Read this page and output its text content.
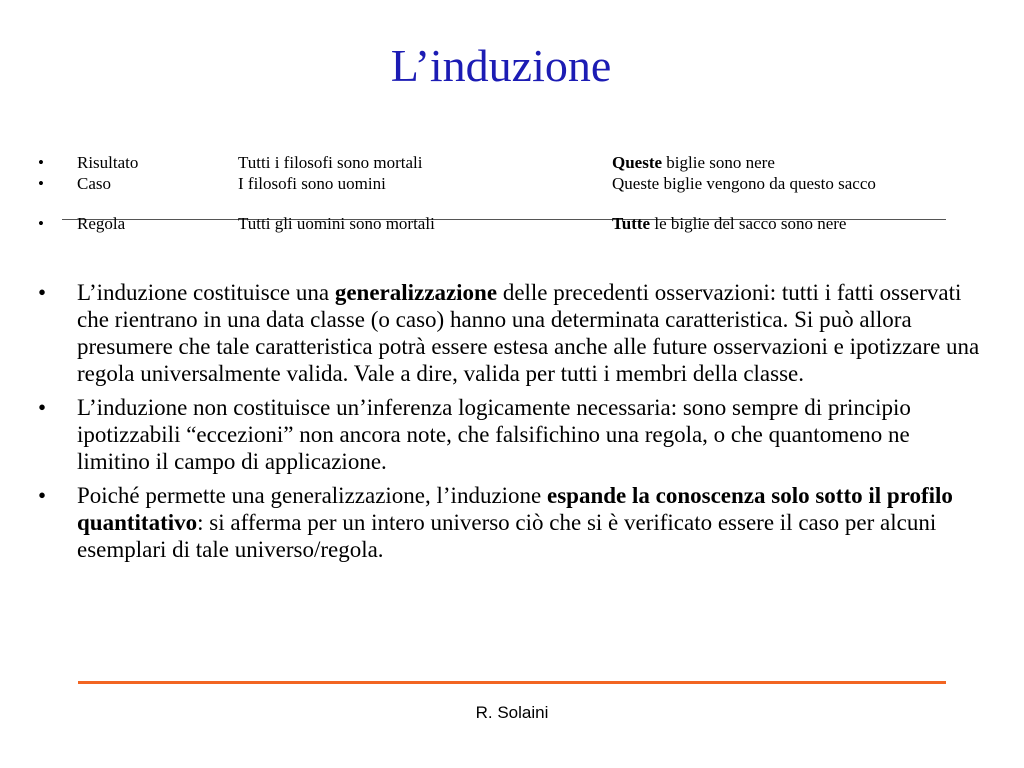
L’induzione
• Risultato	Tutti i filosofi sono mortali	Queste biglie sono nere
• Caso	I filosofi sono uomini	Queste biglie vengono da questo sacco
• Regola	Tutti gli uomini sono mortali	Tutte le biglie del sacco sono nere
• L’induzione costituisce una generalizzazione delle precedenti osservazioni: tutti i fatti osservati che rientrano in una data classe (o caso) hanno una determinata caratteristica. Si può allora presumere che tale caratteristica potrà essere estesa anche alle future osservazioni e ipotizzare una regola universalmente valida. Vale a dire, valida per tutti i membri della classe.
• L’induzione non costituisce un’inferenza logicamente necessaria: sono sempre di principio ipotizzabili “eccezioni” non ancora note, che falsifichino una regola, o che quantomeno ne limitino il campo di applicazione.
• Poiché permette una generalizzazione, l’induzione espande la conoscenza solo sotto il profilo quantitativo: si afferma per un intero universo ciò che si è verificato essere il caso per alcuni esemplari di tale universo/regola.
R. Solaini
